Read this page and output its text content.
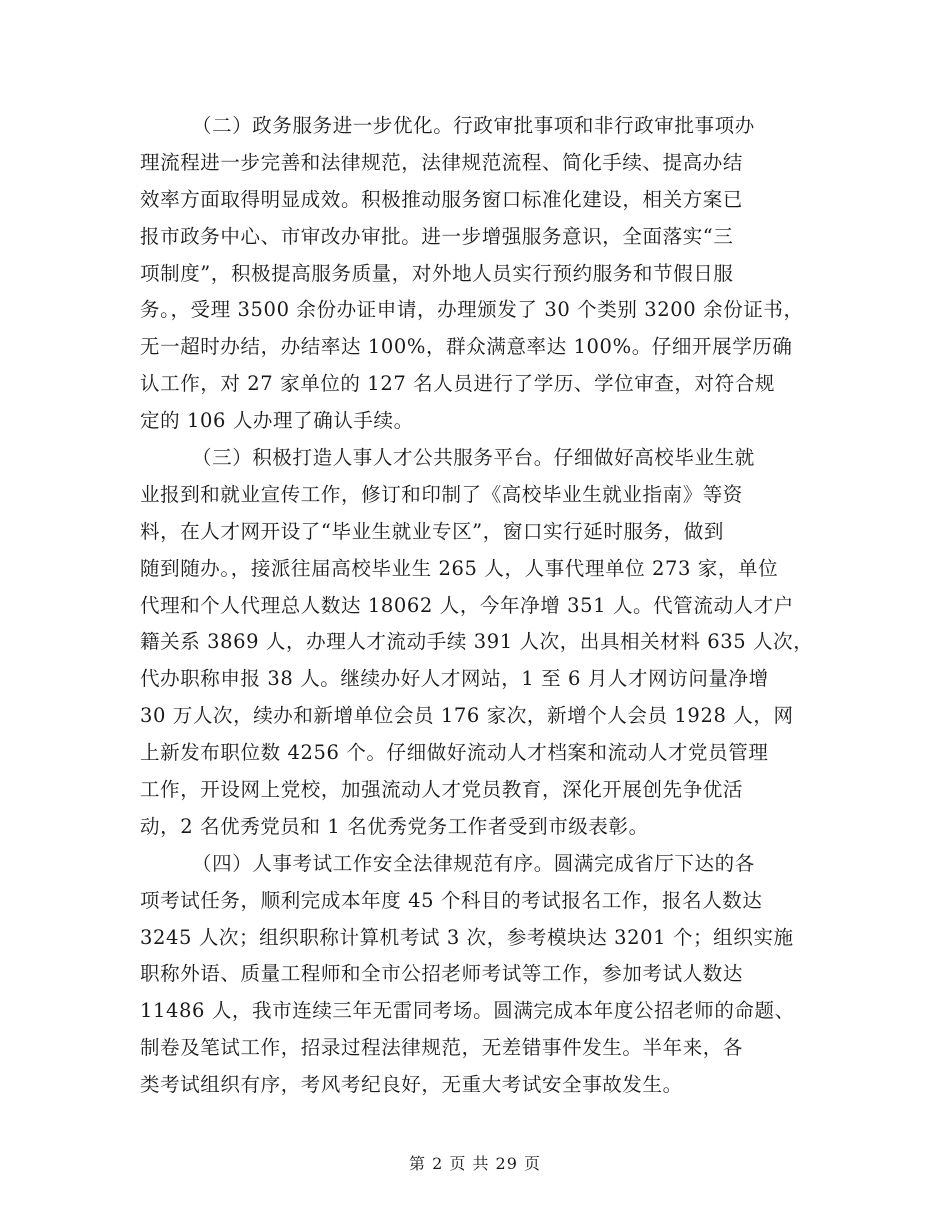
（二）政务服务进一步优化。行政审批事项和非行政审批事项办
理流程进一步完善和法律规范，法律规范流程、简化手续、提高办结
效率方面取得明显成效。积极推动服务窗口标准化建设，相关方案已
报市政务中心、市审改办审批。进一步增强服务意识，全面落实“三
项制度”，积极提高服务质量，对外地人员实行预约服务和节假日服
务。，受理 3500 余份办证申请，办理颁发了 30 个类别 3200 余份证书，
无一超时办结，办结率达 100%，群众满意率达 100%。仔细开展学历确
认工作，对 27 家单位的 127 名人员进行了学历、学位审查，对符合规
定的 106 人办理了确认手续。
（三）积极打造人事人才公共服务平台。仔细做好高校毕业生就
业报到和就业宣传工作，修订和印制了《高校毕业生就业指南》等资
料，在人才网开设了“毕业生就业专区”，窗口实行延时服务，做到
随到随办。，接派往届高校毕业生 265 人，人事代理单位 273 家，单位
代理和个人代理总人数达 18062 人，今年净增 351 人。代管流动人才户
籍关系 3869 人，办理人才流动手续 391 人次，出具相关材料 635 人次，
代办职称申报 38 人。继续办好人才网站，1 至 6 月人才网访问量净增
30 万人次，续办和新增单位会员 176 家次，新增个人会员 1928 人，网
上新发布职位数 4256 个。仔细做好流动人才档案和流动人才党员管理
工作，开设网上党校，加强流动人才党员教育，深化开展创先争优活
动，2 名优秀党员和 1 名优秀党务工作者受到市级表彰。
（四）人事考试工作安全法律规范有序。圆满完成省厅下达的各
项考试任务，顺利完成本年度 45 个科目的考试报名工作，报名人数达
3245 人次；组织职称计算机考试 3 次，参考模块达 3201 个；组织实施
职称外语、质量工程师和全市公招老师考试等工作，参加考试人数达
11486 人，我市连续三年无雷同考场。圆满完成本年度公招老师的命题、
制卷及笔试工作，招录过程法律规范，无差错事件发生。半年来，各
类考试组织有序，考风考纪良好，无重大考试安全事故发生。
第 2 页 共 29 页
